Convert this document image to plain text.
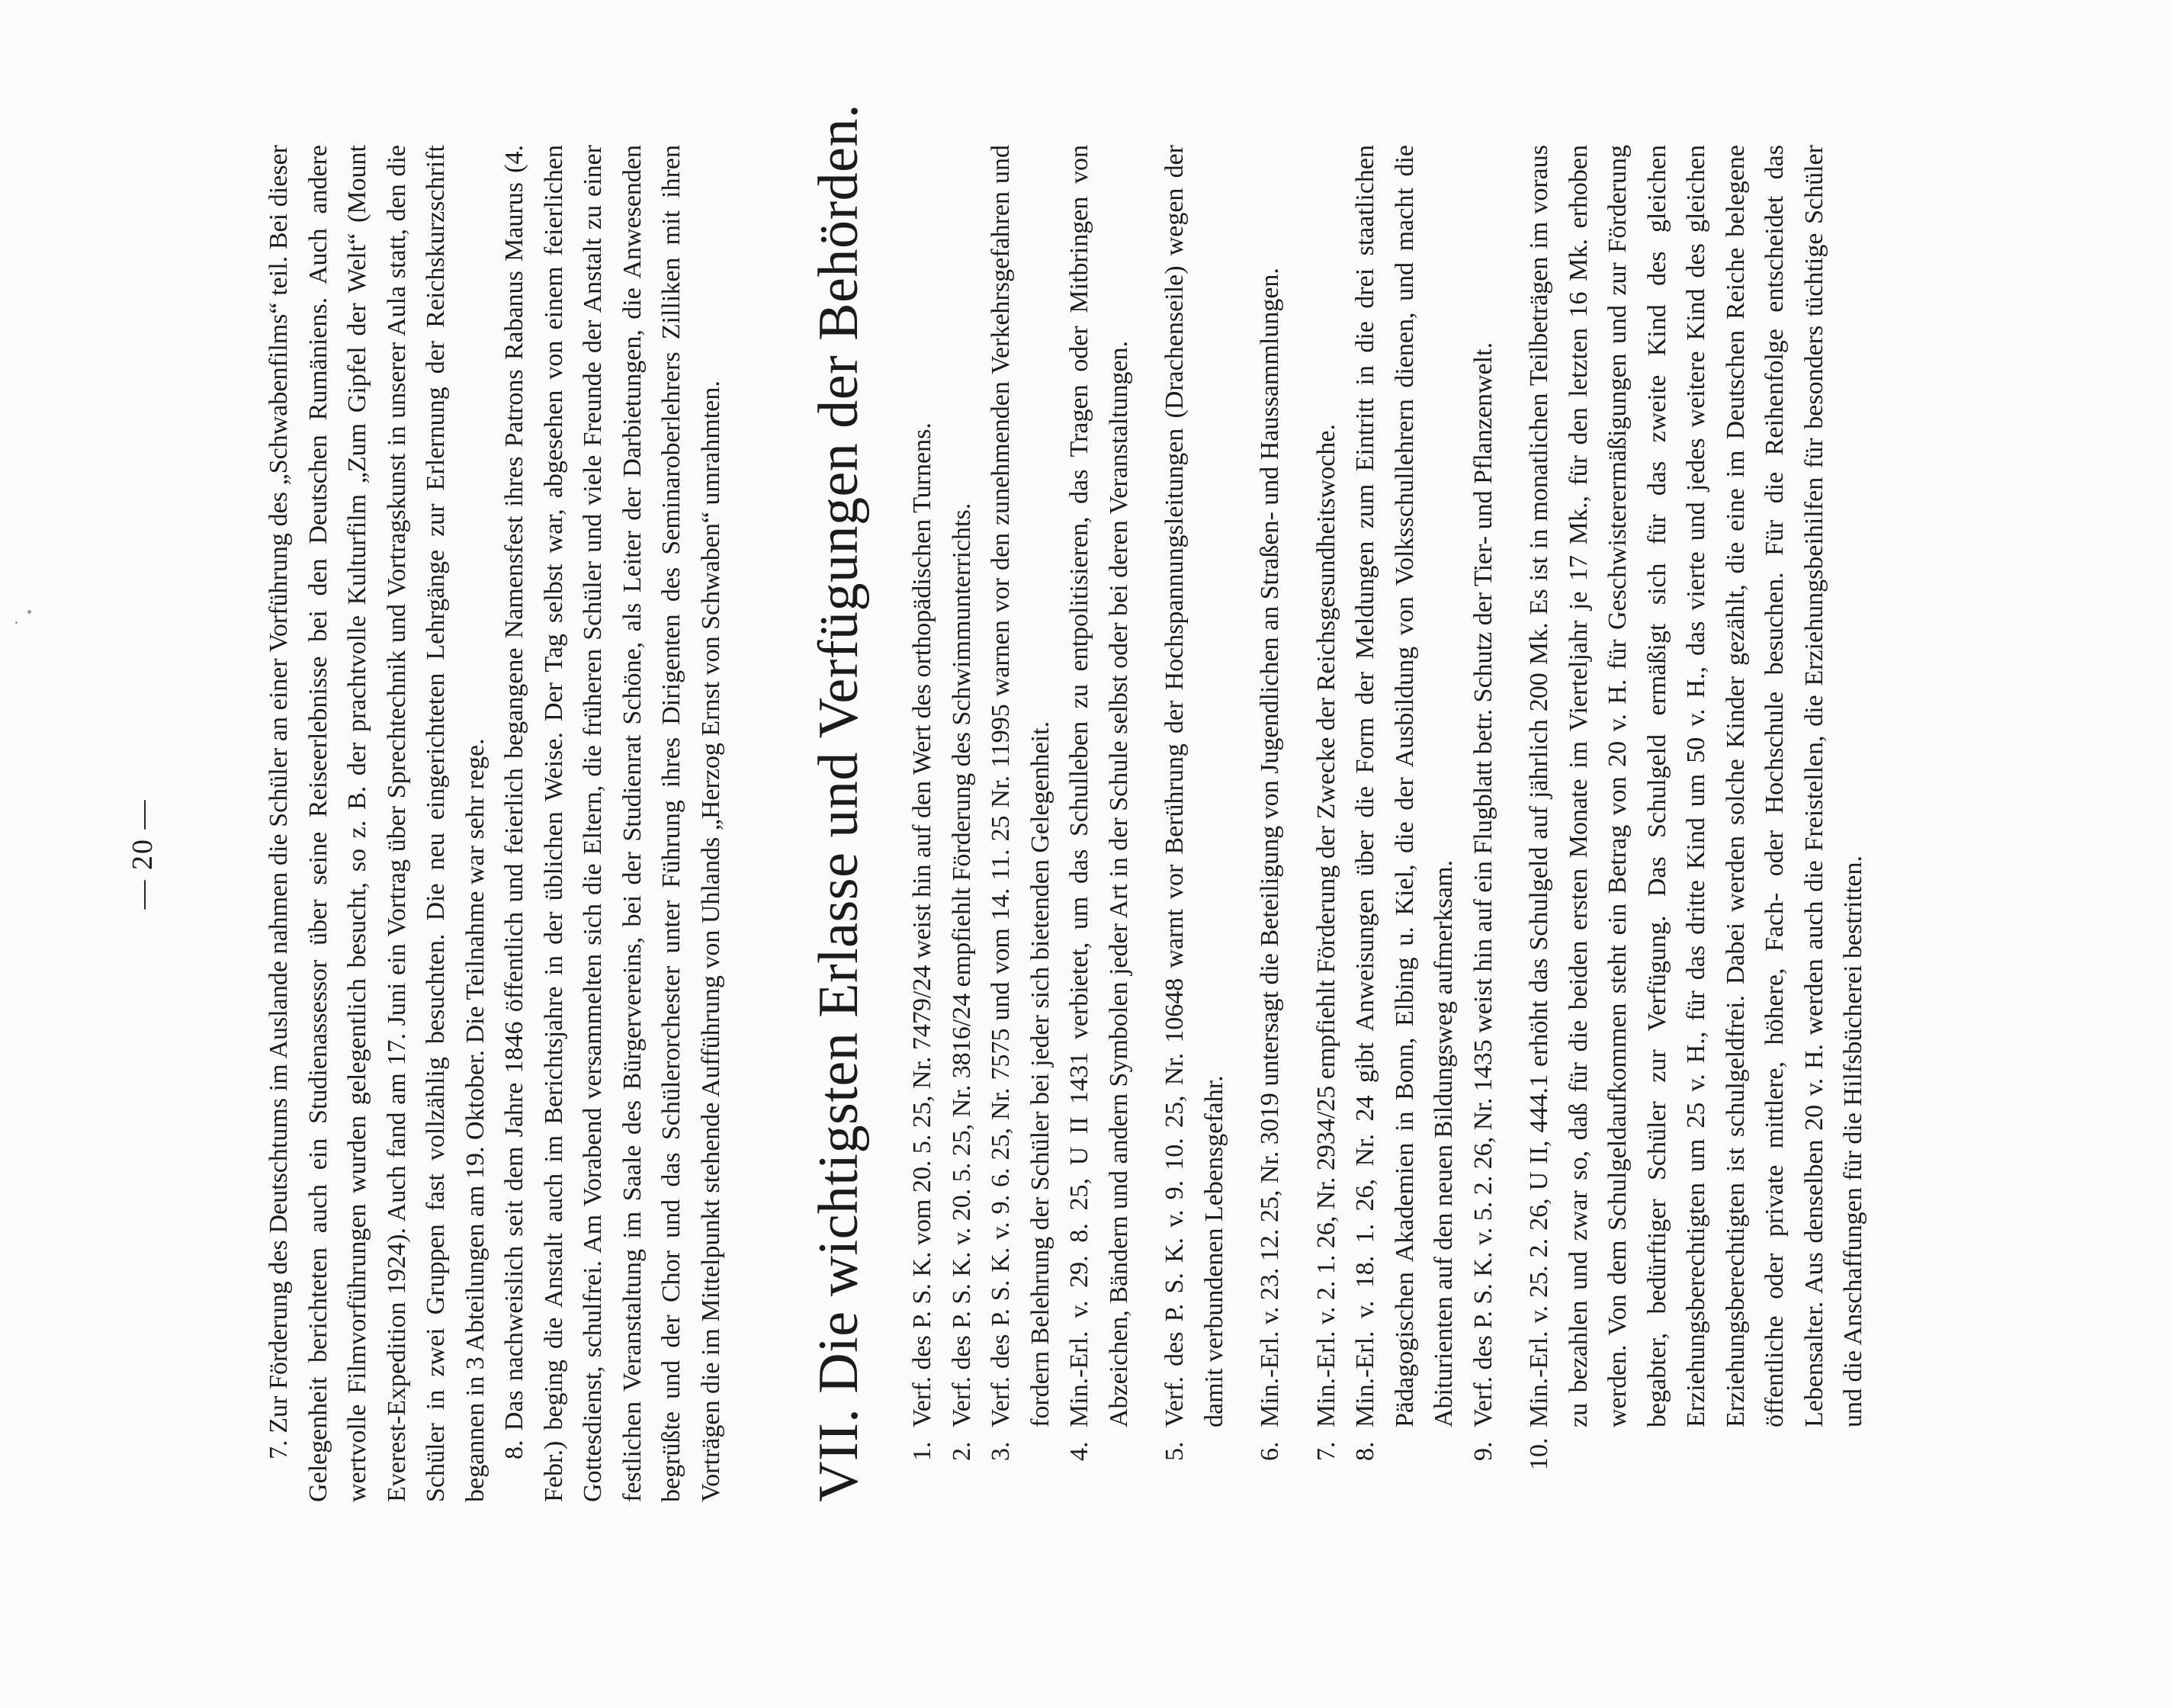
— 20 —	7. Zur Förderung des Deutschtums im Auslande nahmen die Schüler an einer Vorführung des „Schwabenfilms“ teil. Bei dieser Gelegenheit berichteten auch ein Studienassessor über seine Reiseerlebnisse bei den Deutschen Rumäniens. Auch andere wertvolle Filmvorführungen wurden gelegentlich besucht, so z. B. der prachtvolle Kulturfilm „Zum Gipfel der Welt“ (Mount Everest-Expedition 1924). Auch fand am 17. Juni ein Vortrag über Sprechtechnik und Vortragskunst in unserer Aula statt, den die Schüler in zwei Gruppen fast vollzählig besuchten. Die neu eingerichteten Lehrgänge zur Erlernung der Reichskurzschrift begannen in 3 Abteilungen am 19. Oktober. Die Teilnahme war sehr rege. 8. Das nachweislich seit dem Jahre 1846 öffentlich und feierlich begangene Namensfest ihres Patrons Rabanus Maurus (4. Febr.) beging die Anstalt auch im Berichtsjahre in der üblichen Weise. Der Tag selbst war, abgesehen von einem feierlichen Gottesdienst, schulfrei. Am Vorabend versammelten sich die Eltern, die früheren Schüler und viele Freunde der Anstalt zu einer festlichen Veranstaltung im Saale des Bürgervereins, bei der Studienrat Schöne, als Leiter der Darbietungen, die Anwesenden begrüßte und der Chor und das Schülerorchester unter Führung ihres Dirigenten des Seminaroberlehrers Zilliken mit ihren Vorträgen die im Mittelpunkt stehende Aufführung von Uhlands „Herzog Ernst von Schwaben“ umrahmten. VII. Die wichtigsten Erlasse und Verfügungen der Behörden. 1.Verf. des P. S. K. vom 20. 5. 25, Nr. 7479/24 weist hin auf den Wert des orthopädischen Turnens.
2.Verf. des P. S. K. v. 20. 5. 25, Nr. 3816/24 empfiehlt Förderung des Schwimmunterrichts.
3.Verf. des P. S. K. v. 9. 6. 25, Nr. 7575 und vom 14. 11. 25 Nr. 11995 warnen vor den zunehmenden Verkehrsgefahren und fordern Belehrung der Schüler bei jeder sich bietenden Gelegenheit.
4.Min.-Erl. v. 29. 8. 25, U II 1431 verbietet, um das Schulleben zu entpolitisieren, das Tragen oder Mitbringen von Abzeichen, Bändern und andern Symbolen jeder Art in der Schule selbst oder bei deren Veranstaltungen.
5.Verf. des P. S. K. v. 9. 10. 25, Nr. 10648 warnt vor Berührung der Hochspannungsleitungen (Drachenseile) wegen der damit verbundenen Lebensgefahr.
6.Min.-Erl. v. 23. 12. 25, Nr. 3019 untersagt die Beteiligung von Jugendlichen an Straßen- und Haussammlungen.
7.Min.-Erl. v. 2. 1. 26, Nr. 2934/25 empfiehlt Förderung der Zwecke der Reichsgesundheitswoche.
8.Min.-Erl. v. 18. 1. 26, Nr. 24 gibt Anweisungen über die Form der Meldungen zum Eintritt in die drei staatlichen Pädagogischen Akademien in Bonn, Elbing u. Kiel, die der Ausbildung von Volksschullehrern dienen, und macht die Abiturienten auf den neuen Bildungsweg aufmerksam.
9.Verf. des P. S. K. v. 5. 2. 26, Nr. 1435 weist hin auf ein Flugblatt betr. Schutz der Tier- und Pflanzenwelt.
10.Min.-Erl. v. 25. 2. 26, U II, 444.1 erhöht das Schulgeld auf jährlich 200 Mk. Es ist in monatlichen Teilbeträgen im voraus zu bezahlen und zwar so, daß für die beiden ersten Monate im Vierteljahr je 17 Mk., für den letzten 16 Mk. erhoben werden. Von dem Schulgeldaufkommen steht ein Betrag von 20 v. H. für Geschwisterermäßigungen und zur Förderung begabter, bedürftiger Schüler zur Verfügung. Das Schulgeld ermäßigt sich für das zweite Kind des gleichen Erziehungsberechtigten um 25 v. H., für das dritte Kind um 50 v. H., das vierte und jedes weitere Kind des gleichen Erziehungsberechtigten ist schulgeldfrei. Dabei werden solche Kinder gezählt, die eine im Deutschen Reiche belegene öffentliche oder private mittlere, höhere, Fach- oder Hochschule besuchen. Für die Reihenfolge entscheidet das Lebensalter. Aus denselben 20 v. H. werden auch die Freistellen, die Erziehungsbeihilfen für besonders tüchtige Schüler und die Anschaffungen für die Hilfsbücherei bestritten.
